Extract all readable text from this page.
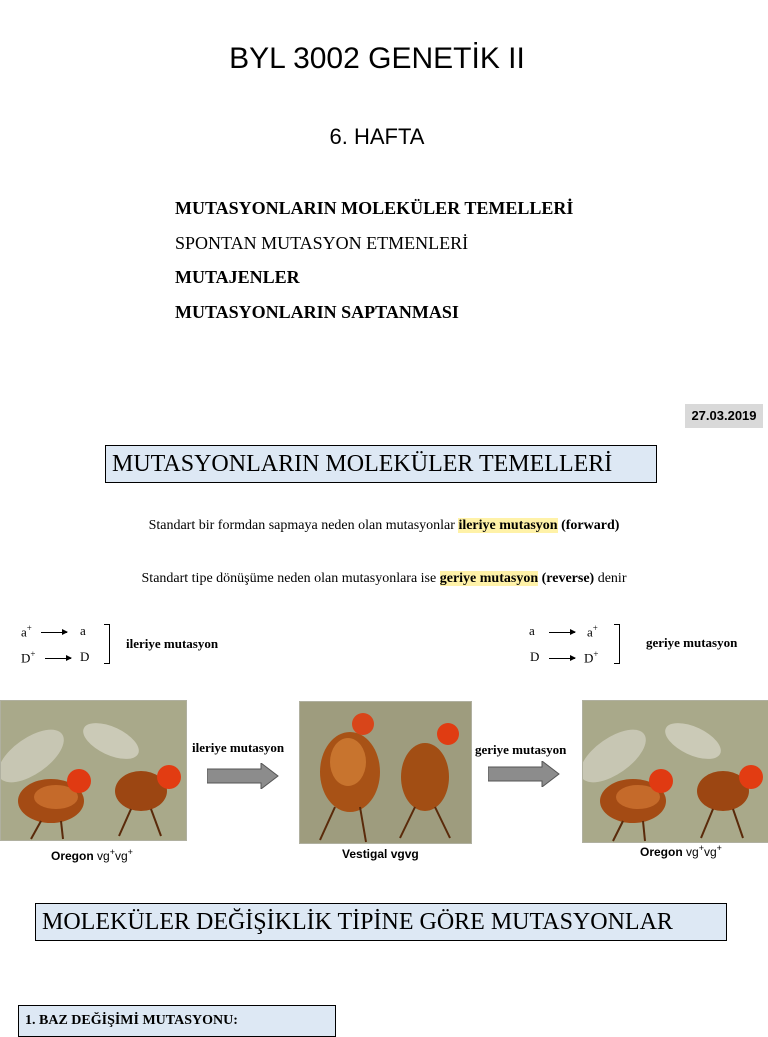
BYL 3002 GENETİK II
6. HAFTA
MUTASYONLARIN MOLEKÜLER TEMELLERİ
SPONTAN MUTASYON ETMENLERİ
MUTAJENLER
MUTASYONLARIN SAPTANMASI
27.03.2019
MUTASYONLARIN MOLEKÜLER TEMELLERİ
Standart bir formdan sapmaya neden olan mutasyonlar ileriye mutasyon (forward)
Standart tipe dönüşüme neden olan mutasyonlara ise geriye mutasyon (reverse) denir
a+	a
D+	D
ileriye mutasyon
a	a+
D	D+
geriye mutasyon
Oregon vg+vg+
ileriye mutasyon
Vestigal vgvg
geriye mutasyon
Oregon vg+vg+
MOLEKÜLER DEĞİŞİKLİK TİPİNE GÖRE MUTASYONLAR
1. BAZ DEĞİŞİMİ MUTASYONU:
